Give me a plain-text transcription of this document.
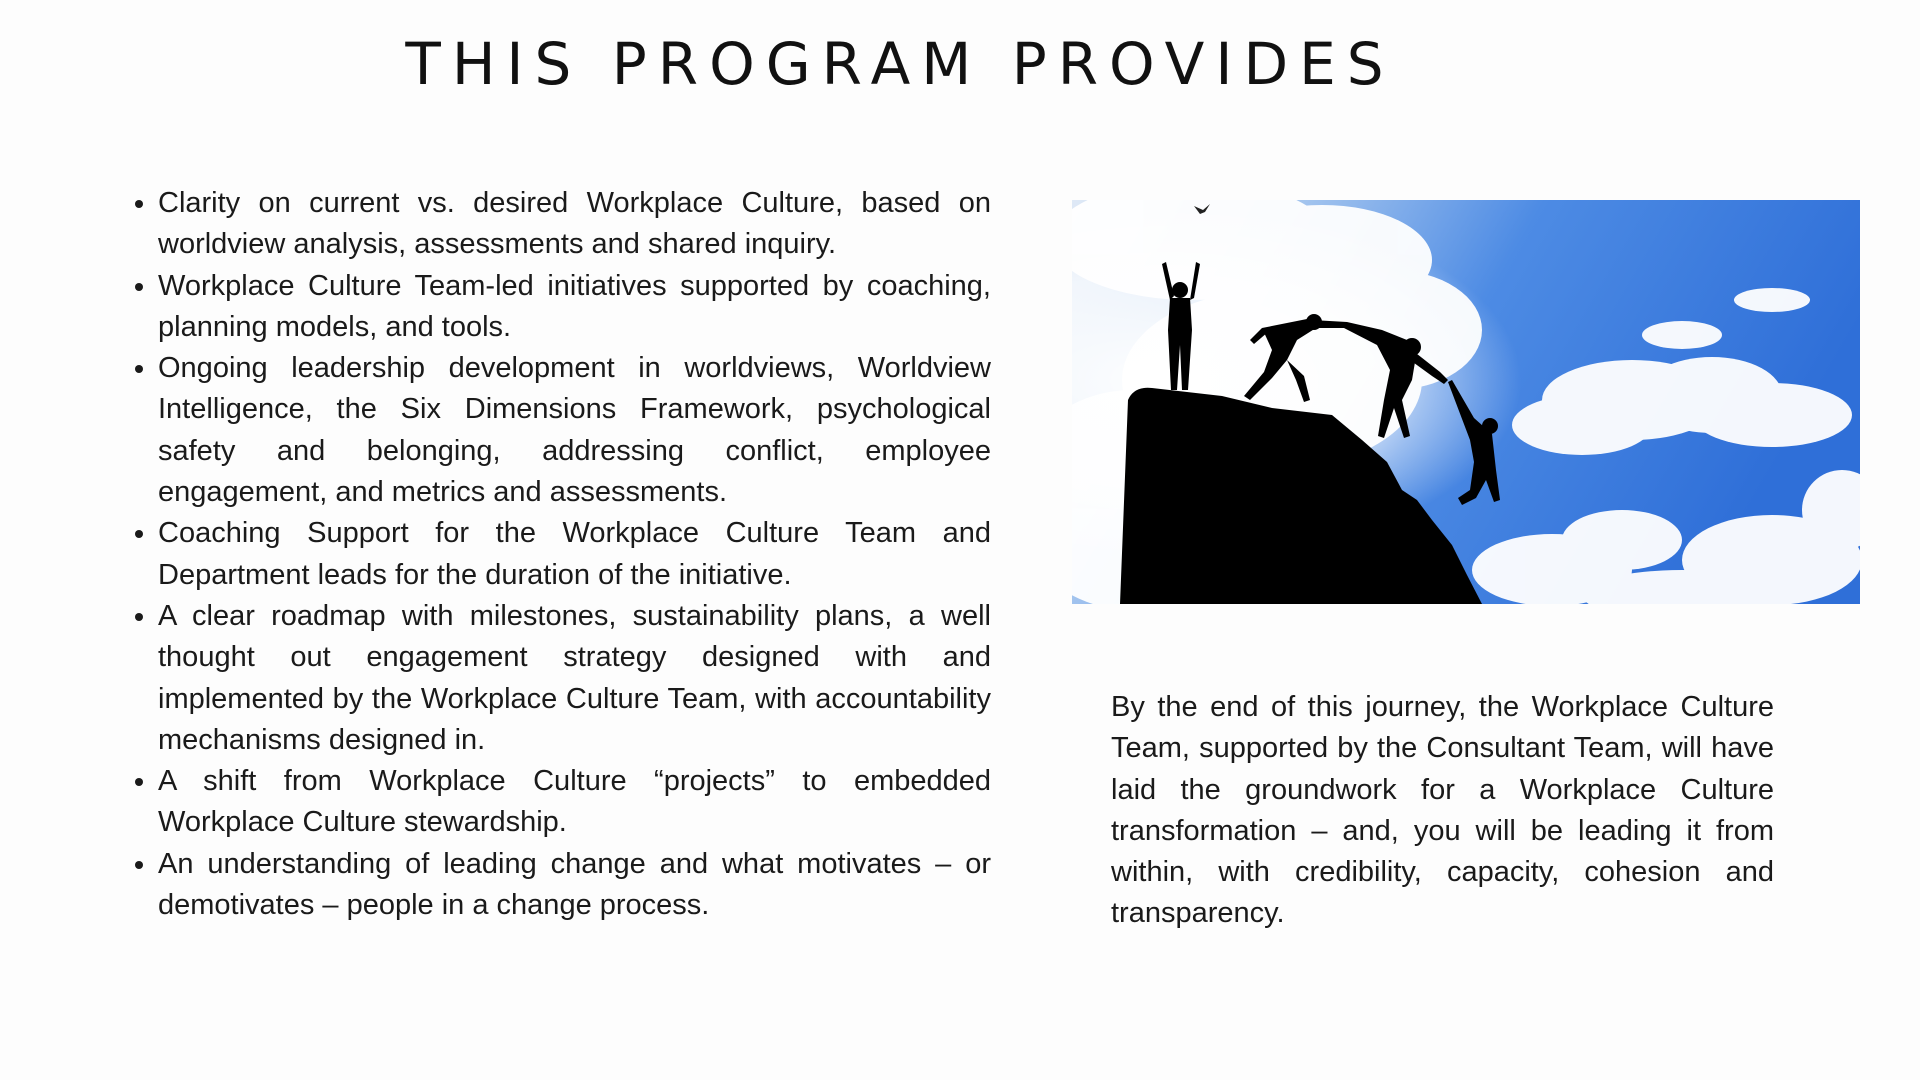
THIS PROGRAM PROVIDES
• Clarity on current vs. desired Workplace Culture, based on worldview analysis, assessments and shared inquiry.
• Workplace Culture Team-led initiatives supported by coaching, planning models, and tools.
• Ongoing leadership development in worldviews, Worldview Intelligence, the Six Dimensions Framework, psychological safety and belonging, addressing conflict, employee engagement, and metrics and assessments.
• Coaching Support for the Workplace Culture Team and Department leads for the duration of the initiative.
• A clear roadmap with milestones, sustainability plans, a well thought out engagement strategy designed with and implemented by the Workplace Culture Team, with accountability mechanisms designed in.
• A shift from Workplace Culture “projects” to embedded Workplace Culture stewardship.
• An understanding of leading change and what motivates – or demotivates – people in a change process.

By the end of this journey, the Workplace Culture Team, supported by the Consultant Team, will have laid the groundwork for a Workplace Culture transformation – and, you will be leading it from within, with credibility, capacity, cohesion and transparency.
